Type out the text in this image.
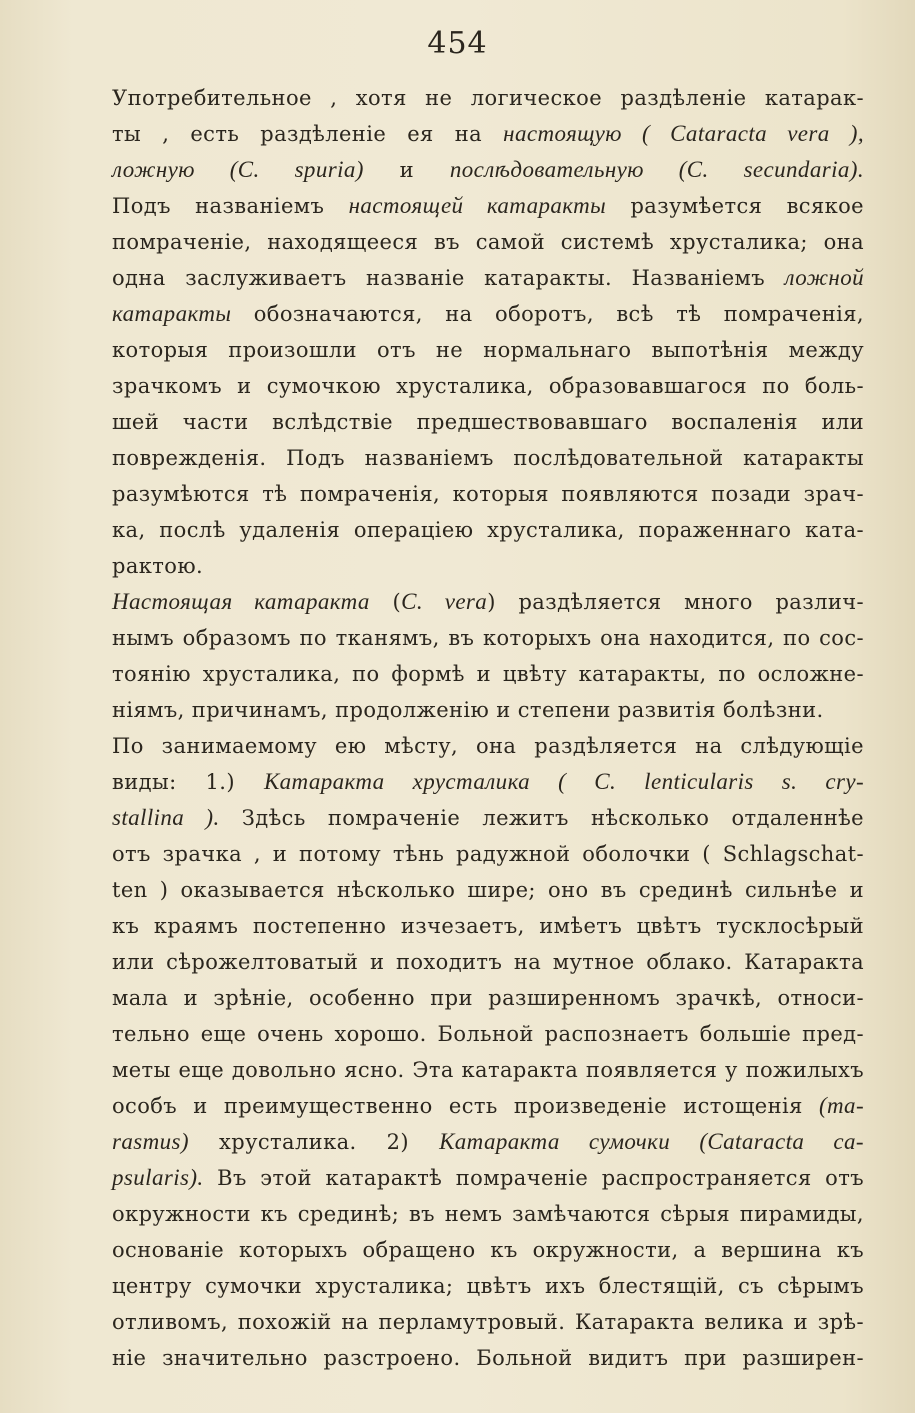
454
Употребительное , хотя не логическое раздѣленіе катарак-
ты , есть раздѣленіе ея на настоящую ( Cataracta vera ),
ложную (С. spuria) и послѣдовательную (С. secundaria).
Подъ названіемъ настоящей катаракты разумѣется всякое
помраченіе, находящееся въ самой системѣ хрусталика; она
одна заслуживаетъ названіе катаракты. Названіемъ ложной
катаракты обозначаются, на оборотъ, всѣ тѣ помраченія,
которыя произошли отъ не нормальнаго выпотѣнія между
зрачкомъ и сумочкою хрусталика, образовавшагося по боль-
шей части вслѣдствіе предшествовавшаго воспаленія или
поврежденія. Подъ названіемъ послѣдовательной катаракты
разумѣются тѣ помраченія, которыя появляются позади зрач-
ка, послѣ удаленія операціею хрусталика, пораженнаго ката-
рактою.
Настоящая катаракта (С. vera) раздѣляется много различ-
нымъ образомъ по тканямъ, въ которыхъ она находится, по сос-
тоянію хрусталика, по формѣ и цвѣту катаракты, по осложне-
ніямъ, причинамъ, продолженію и степени развитія болѣзни.
По занимаемому ею мѣсту, она раздѣляется на слѣдующіе
виды: 1.) Катаракта хрусталика ( С. lenticularis s. cry-
stallina ). Здѣсь помраченіе лежитъ нѣсколько отдаленнѣе
отъ зрачка , и потому тѣнь радужной оболочки ( Schlagschat-
ten ) оказывается нѣсколько шире; оно въ срединѣ сильнѣе и
къ краямъ постепенно изчезаетъ, имѣетъ цвѣтъ тусклосѣрый
или сѣрожелтоватый и походитъ на мутное облако. Катаракта
мала и зрѣніе, особенно при разширенномъ зрачкѣ, относи-
тельно еще очень хорошо. Больной распознаетъ большіе пред-
меты еще довольно ясно. Эта катаракта появляется у пожилыхъ
особъ и преимущественно есть произведеніе истощенія (ma-
rasmus) хрусталика. 2) Катаракта сумочки (Cataracta ca-
psularis). Въ этой катарактѣ помраченіе распространяется отъ
окружности къ срединѣ; въ немъ замѣчаются сѣрыя пирамиды,
основаніе которыхъ обращено къ окружности, а вершина къ
центру сумочки хрусталика; цвѣтъ ихъ блестящій, съ сѣрымъ
отливомъ, похожій на перламутровый. Катаракта велика и зрѣ-
ніе значительно разстроено. Больной видитъ при разширен-
